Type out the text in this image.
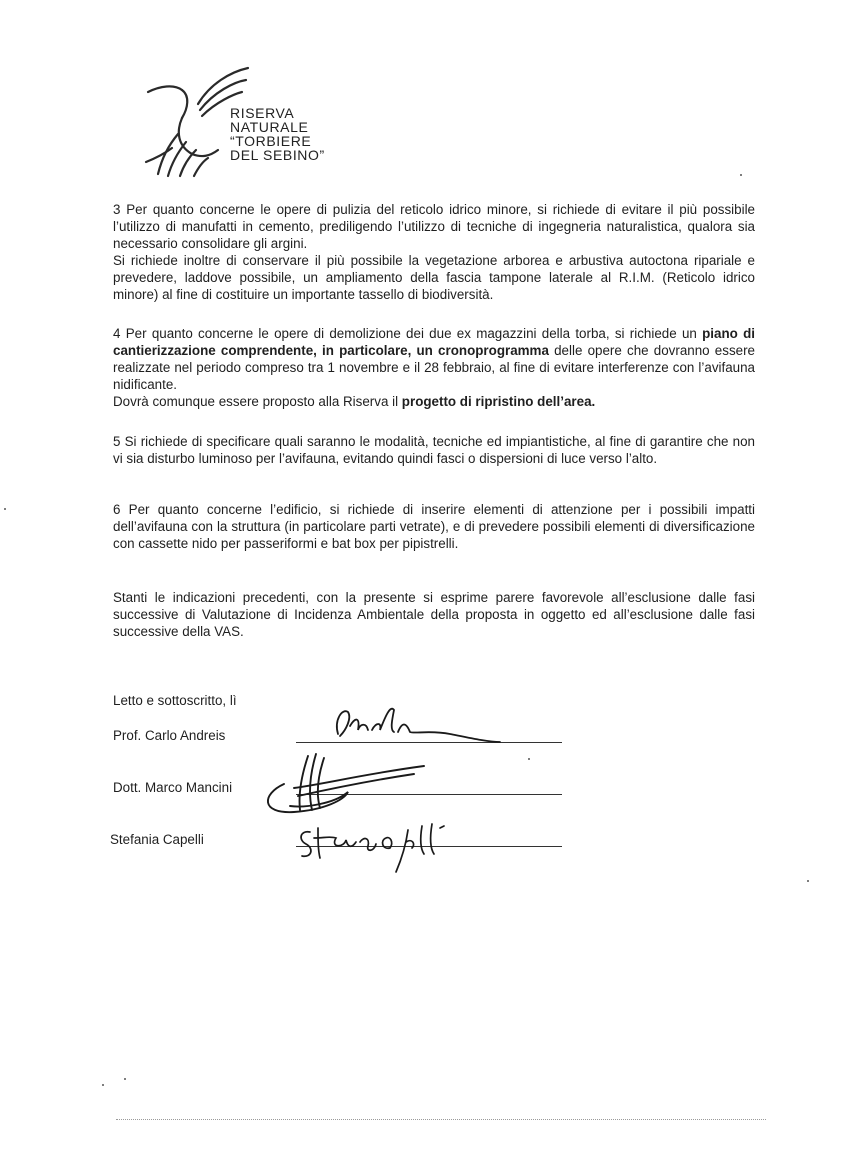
RISERVA
NATURALE
“TORBIERE
DEL SEBINO”

3 Per quanto concerne le opere di pulizia del reticolo idrico minore, si richiede di evitare il più possibile l’utilizzo di manufatti in cemento, prediligendo l’utilizzo di tecniche di ingegneria naturalistica, qualora sia necessario consolidare gli argini.

Si richiede inoltre di conservare il più possibile la vegetazione arborea e arbustiva autoctona ripariale e prevedere, laddove possibile, un ampliamento della fascia tampone laterale al R.I.M. (Reticolo idrico minore) al fine di costituire un importante tassello di biodiversità.

4 Per quanto concerne le opere di demolizione dei due ex magazzini della torba, si richiede un piano di cantierizzazione comprendente, in particolare, un cronoprogramma delle opere che dovranno essere realizzate nel periodo compreso tra 1 novembre e il 28 febbraio, al fine di evitare interferenze con l’avifauna nidificante.

Dovrà comunque essere proposto alla Riserva il progetto di ripristino dell’area.

5 Si richiede di specificare quali saranno le modalità, tecniche ed impiantistiche, al fine di garantire che non vi sia disturbo luminoso per l’avifauna, evitando quindi fasci o dispersioni di luce verso l’alto.

6 Per quanto concerne l’edificio, si richiede di inserire elementi di attenzione per i possibili impatti dell’avifauna con la struttura (in particolare parti vetrate), e di prevedere possibili elementi di diversificazione con cassette nido per passeriformi e bat box per pipistrelli.

Stanti le indicazioni precedenti, con la presente si esprime parere favorevole all’esclusione dalle fasi successive di Valutazione di Incidenza Ambientale della proposta in oggetto ed all’esclusione dalle fasi successive della VAS.

Letto e sottoscritto, lì
Prof. Carlo Andreis
Dott. Marco Mancini
Stefania Capelli
